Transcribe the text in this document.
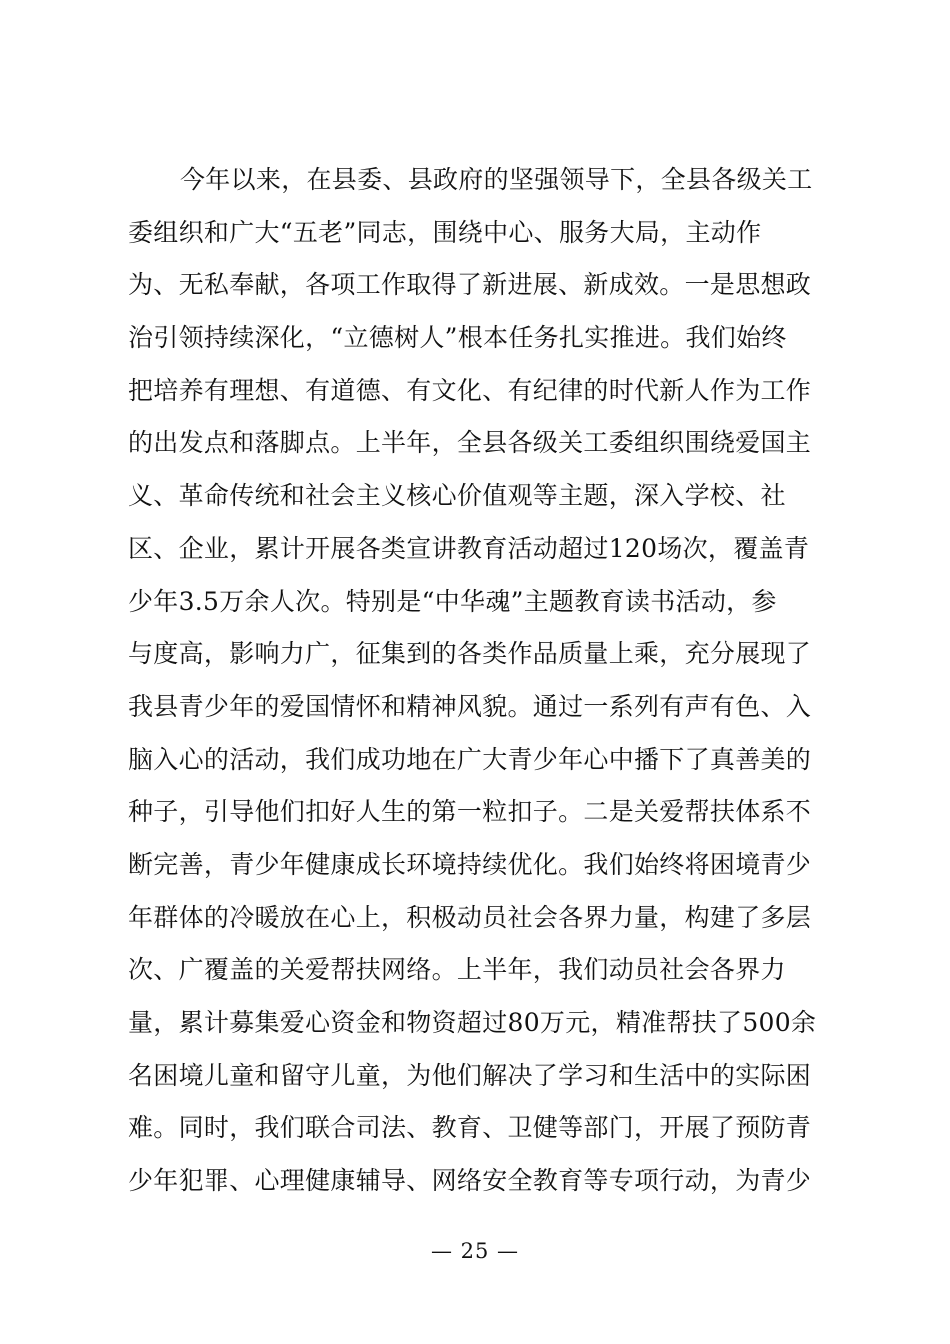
今年以来，在县委、县政府的坚强领导下，全县各级关工
委组织和广大“五老”同志，围绕中心、服务大局，主动作
为、无私奉献，各项工作取得了新进展、新成效。一是思想政
治引领持续深化，“立德树人”根本任务扎实推进。我们始终
把培养有理想、有道德、有文化、有纪律的时代新人作为工作
的出发点和落脚点。上半年，全县各级关工委组织围绕爱国主
义、革命传统和社会主义核心价值观等主题，深入学校、社
区、企业，累计开展各类宣讲教育活动超过120场次，覆盖青
少年3.5万余人次。特别是“中华魂”主题教育读书活动，参
与度高，影响力广，征集到的各类作品质量上乘，充分展现了
我县青少年的爱国情怀和精神风貌。通过一系列有声有色、入
脑入心的活动，我们成功地在广大青少年心中播下了真善美的
种子，引导他们扣好人生的第一粒扣子。二是关爱帮扶体系不
断完善，青少年健康成长环境持续优化。我们始终将困境青少
年群体的冷暖放在心上，积极动员社会各界力量，构建了多层
次、广覆盖的关爱帮扶网络。上半年，我们动员社会各界力
量，累计募集爱心资金和物资超过80万元，精准帮扶了500余
名困境儿童和留守儿童，为他们解决了学习和生活中的实际困
难。同时，我们联合司法、教育、卫健等部门，开展了预防青
少年犯罪、心理健康辅导、网络安全教育等专项行动，为青少
— 25 —
